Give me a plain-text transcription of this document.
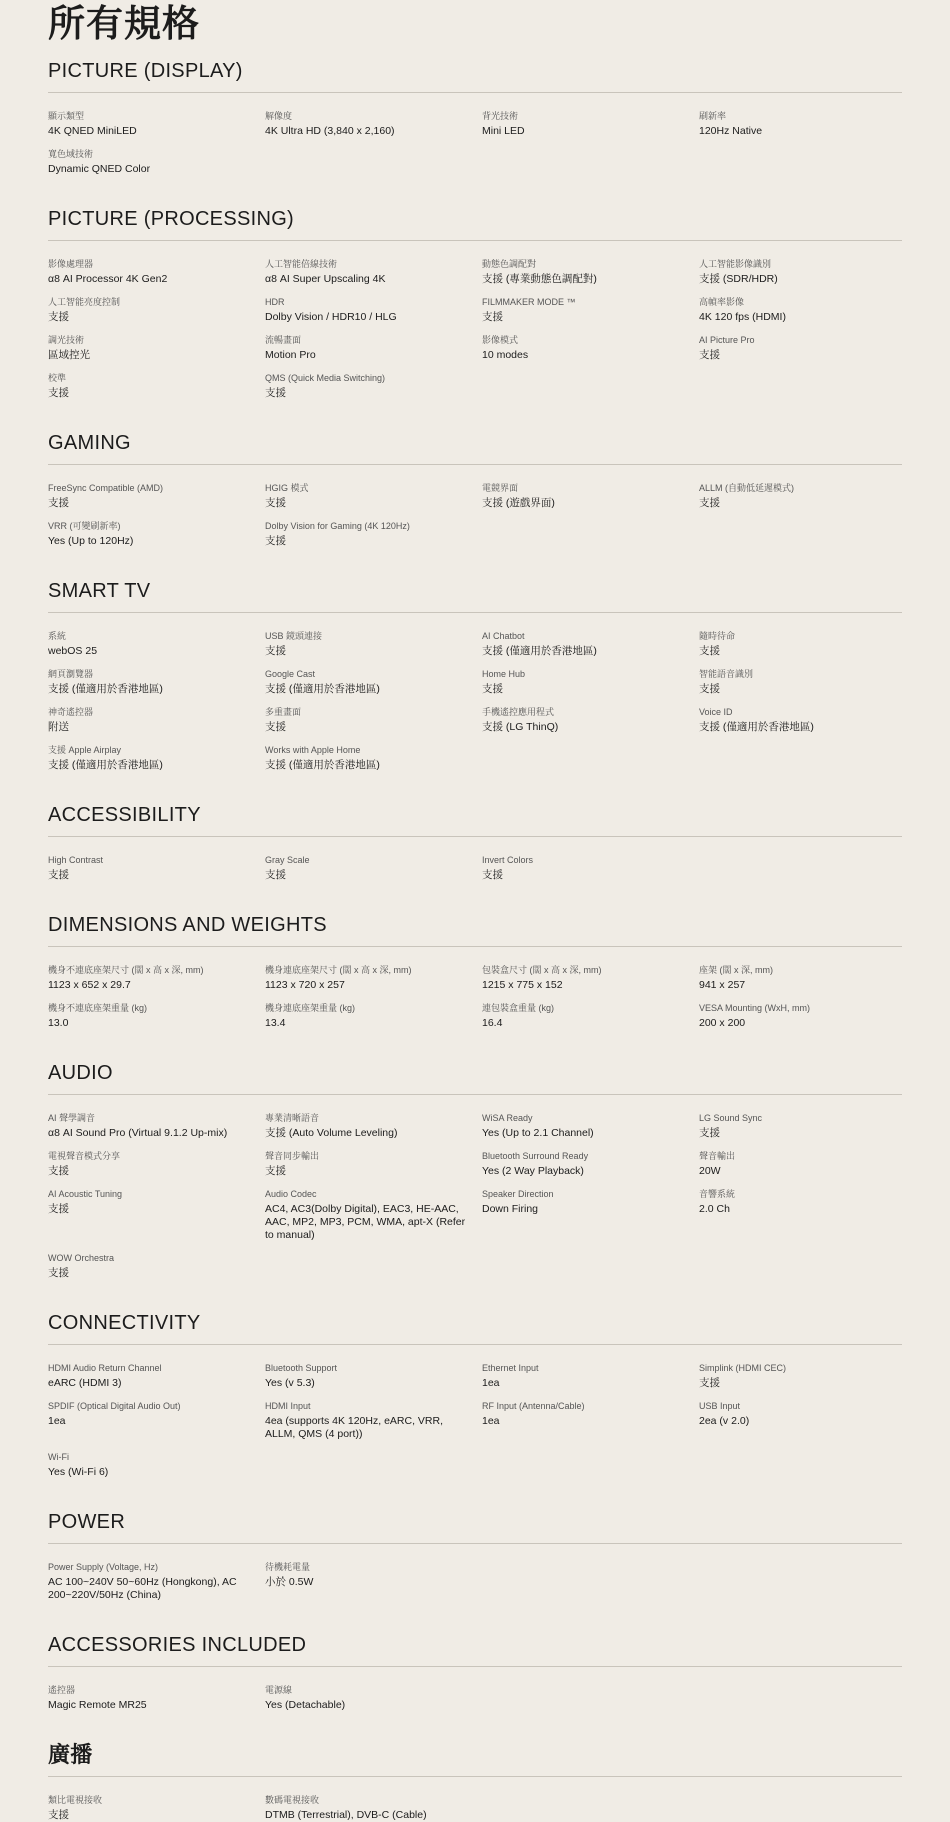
所有規格
PICTURE (DISPLAY)
顯示類型
4K QNED MiniLED
解像度
4K Ultra HD (3,840 x 2,160)
背光技術
Mini LED
刷新率
120Hz Native
寬色域技術
Dynamic QNED Color
PICTURE (PROCESSING)
影像處理器
α8 AI Processor 4K Gen2
人工智能倍線技術
α8 AI Super Upscaling 4K
動態色調配對
支援 (專業動態色調配對)
人工智能影像識別
支援 (SDR/HDR)
人工智能亮度控制
支援
HDR
Dolby Vision / HDR10 / HLG
FILMMAKER MODE ™
支援
高幀率影像
4K 120 fps (HDMI)
調光技術
區域控光
流暢畫面
Motion Pro
影像模式
10 modes
AI Picture Pro
支援
校準
支援
QMS (Quick Media Switching)
支援
GAMING
FreeSync Compatible (AMD)
支援
HGIG 模式
支援
電競界面
支援 (遊戲界面)
ALLM (自動低延遲模式)
支援
VRR (可變刷新率)
Yes (Up to 120Hz)
Dolby Vision for Gaming (4K 120Hz)
支援
SMART TV
系統
webOS 25
USB 鏡頭連接
支援
AI Chatbot
支援 (僅適用於香港地區)
隨時待命
支援
網頁瀏覽器
支援 (僅適用於香港地區)
Google Cast
支援 (僅適用於香港地區)
Home Hub
支援
智能語音識別
支援
神奇遙控器
附送
多重畫面
支援
手機遙控應用程式
支援 (LG ThinQ)
Voice ID
支援 (僅適用於香港地區)
支援 Apple Airplay
支援 (僅適用於香港地區)
Works with Apple Home
支援 (僅適用於香港地區)
ACCESSIBILITY
High Contrast
支援
Gray Scale
支援
Invert Colors
支援
DIMENSIONS AND WEIGHTS
機身不連底座架尺寸 (闊 x 高 x 深, mm)
1123 x 652 x 29.7
機身連底座架尺寸 (闊 x 高 x 深, mm)
1123 x 720 x 257
包裝盒尺寸 (闊 x 高 x 深, mm)
1215 x 775 x 152
座架 (闊 x 深, mm)
941 x 257
機身不連底座架重量 (kg)
13.0
機身連底座架重量 (kg)
13.4
連包裝盒重量 (kg)
16.4
VESA Mounting (WxH, mm)
200 x 200
AUDIO
AI 聲學調音
α8 AI Sound Pro (Virtual 9.1.2 Up-mix)
專業清晰語音
支援 (Auto Volume Leveling)
WiSA Ready
Yes (Up to 2.1 Channel)
LG Sound Sync
支援
電視聲音模式分享
支援
聲音同步輸出
支援
Bluetooth Surround Ready
Yes (2 Way Playback)
聲音輸出
20W
AI Acoustic Tuning
支援
Audio Codec
AC4, AC3(Dolby Digital), EAC3, HE-AAC, AAC, MP2, MP3, PCM, WMA, apt-X (Refer to manual)
Speaker Direction
Down Firing
音響系統
2.0 Ch
WOW Orchestra
支援
CONNECTIVITY
HDMI Audio Return Channel
eARC (HDMI 3)
Bluetooth Support
Yes (v 5.3)
Ethernet Input
1ea
Simplink (HDMI CEC)
支援
SPDIF (Optical Digital Audio Out)
1ea
HDMI Input
4ea (supports 4K 120Hz, eARC, VRR, ALLM, QMS (4 port))
RF Input (Antenna/Cable)
1ea
USB Input
2ea (v 2.0)
Wi-Fi
Yes (Wi-Fi 6)
POWER
Power Supply (Voltage, Hz)
AC 100~240V 50~60Hz (Hongkong), AC 200~220V/50Hz (China)
待機耗電量
小於 0.5W
ACCESSORIES INCLUDED
遙控器
Magic Remote MR25
電源線
Yes (Detachable)
廣播
類比電視接收
支援
數碼電視接收
DTMB (Terrestrial), DVB-C (Cable)
